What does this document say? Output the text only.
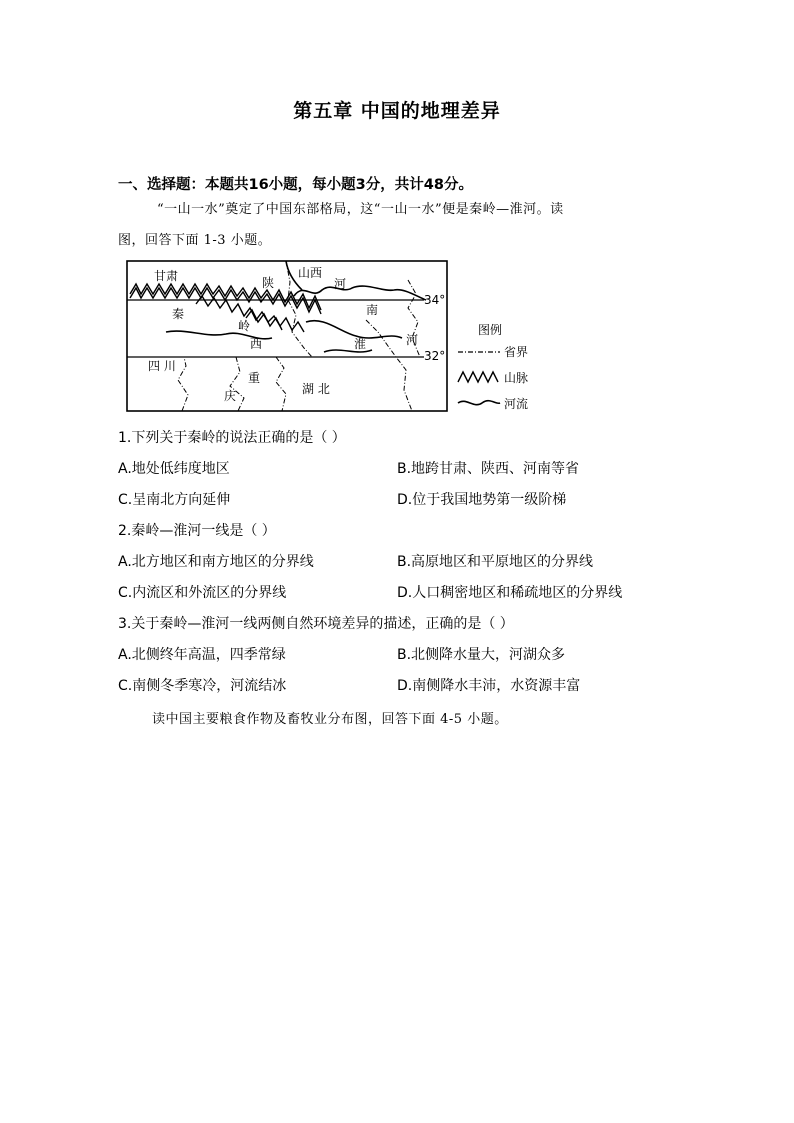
第五章 中国的地理差异
一、选择题：本题共16小题，每小题3分，共计48分。
“一山一水”奠定了中国东部格局，这“一山一水”便是秦岭—淮河。读
图，回答下面 1-3 小题。
甘肃	山西
陕	河
南
秦
岭
西	淮	河
四 川
重
庆	湖 北
34°
32°
图例
省界
山脉
河流
1.下列关于秦岭的说法正确的是（ ）
A.地处低纬度地区	B.地跨甘肃、陕西、河南等省
C.呈南北方向延伸	D.位于我国地势第一级阶梯
2.秦岭—淮河一线是（ ）
A.北方地区和南方地区的分界线	B.高原地区和平原地区的分界线
C.内流区和外流区的分界线	D.人口稠密地区和稀疏地区的分界线
3.关于秦岭—淮河一线两侧自然环境差异的描述，正确的是（ ）
A.北侧终年高温，四季常绿	B.北侧降水量大，河湖众多
C.南侧冬季寒冷，河流结冰	D.南侧降水丰沛，水资源丰富
读中国主要粮食作物及畜牧业分布图，回答下面 4-5 小题。
